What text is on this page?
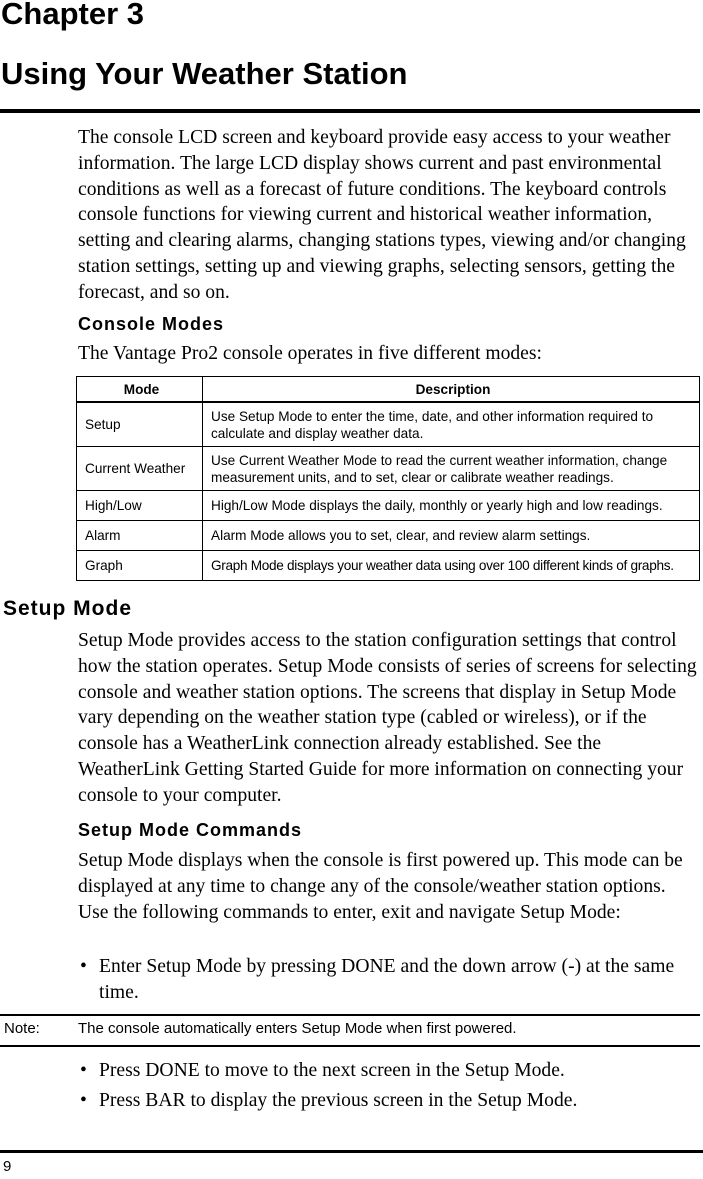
Chapter 3
Using Your Weather Station

The console LCD screen and keyboard provide easy access to your weather information. The large LCD display shows current and past environmental conditions as well as a forecast of future conditions. The keyboard controls console functions for viewing current and historical weather information, setting and clearing alarms, changing stations types, viewing and/or changing station settings, setting up and viewing graphs, selecting sensors, getting the forecast, and so on.

Console Modes

The Vantage Pro2 console operates in five different modes:

Mode	Description
Setup	Use Setup Mode to enter the time, date, and other information required to calculate and display weather data.
Current Weather	Use Current Weather Mode to read the current weather information, change measurement units, and to set, clear or calibrate weather readings.
High/Low	High/Low Mode displays the daily, monthly or yearly high and low readings.
Alarm	Alarm Mode allows you to set, clear, and review alarm settings.
Graph	Graph Mode displays your weather data using over 100 different kinds of graphs.
Setup Mode

Setup Mode provides access to the station configuration settings that control how the station operates. Setup Mode consists of series of screens for selecting console and weather station options. The screens that display in Setup Mode vary depending on the weather station type (cabled or wireless), or if the console has a WeatherLink connection already established. See the WeatherLink Getting Started Guide for more information on connecting your console to your computer.

Setup Mode Commands

Setup Mode displays when the console is first powered up. This mode can be displayed at any time to change any of the console/weather station options. Use the following commands to enter, exit and navigate Setup Mode:

• Enter Setup Mode by pressing DONE and the down arrow (-) at the same time.

Note:	The console automatically enters Setup Mode when first powered.

• Press DONE to move to the next screen in the Setup Mode.
• Press BAR to display the previous screen in the Setup Mode.
9
